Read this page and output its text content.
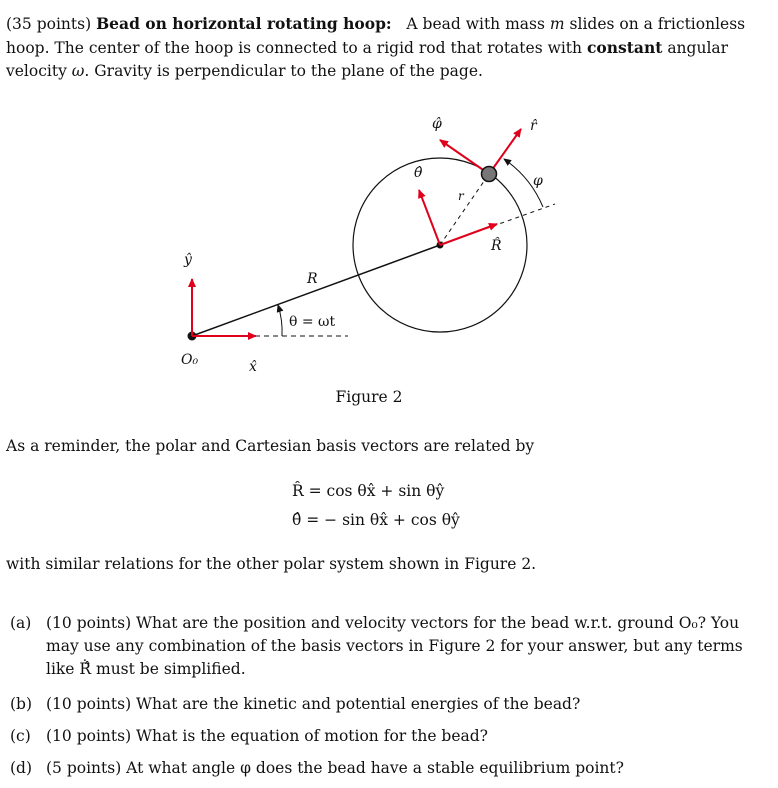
(35 points) Bead on horizontal rotating hoop: A bead with mass m slides on a frictionless hoop. The center of the hoop is connected to a rigid rod that rotates with constant angular velocity ω. Gravity is perpendicular to the plane of the page.
φ̂	r̂
θ̂
r
R̂
φ
ŷ
R
θ = ωt
O₀	x̂
Figure 2
As a reminder, the polar and Cartesian basis vectors are related by
R̂ = cos θx̂ + sin θŷ
θ̂ = − sin θx̂ + cos θŷ
with similar relations for the other polar system shown in Figure 2.
(a) (10 points) What are the position and velocity vectors for the bead w.r.t. ground O₀? You may use any combination of the basis vectors in Figure 2 for your answer, but any terms like Ṙ̂ must be simplified.
(b) (10 points) What are the kinetic and potential energies of the bead?
(c) (10 points) What is the equation of motion for the bead?
(d) (5 points) At what angle φ does the bead have a stable equilibrium point?
